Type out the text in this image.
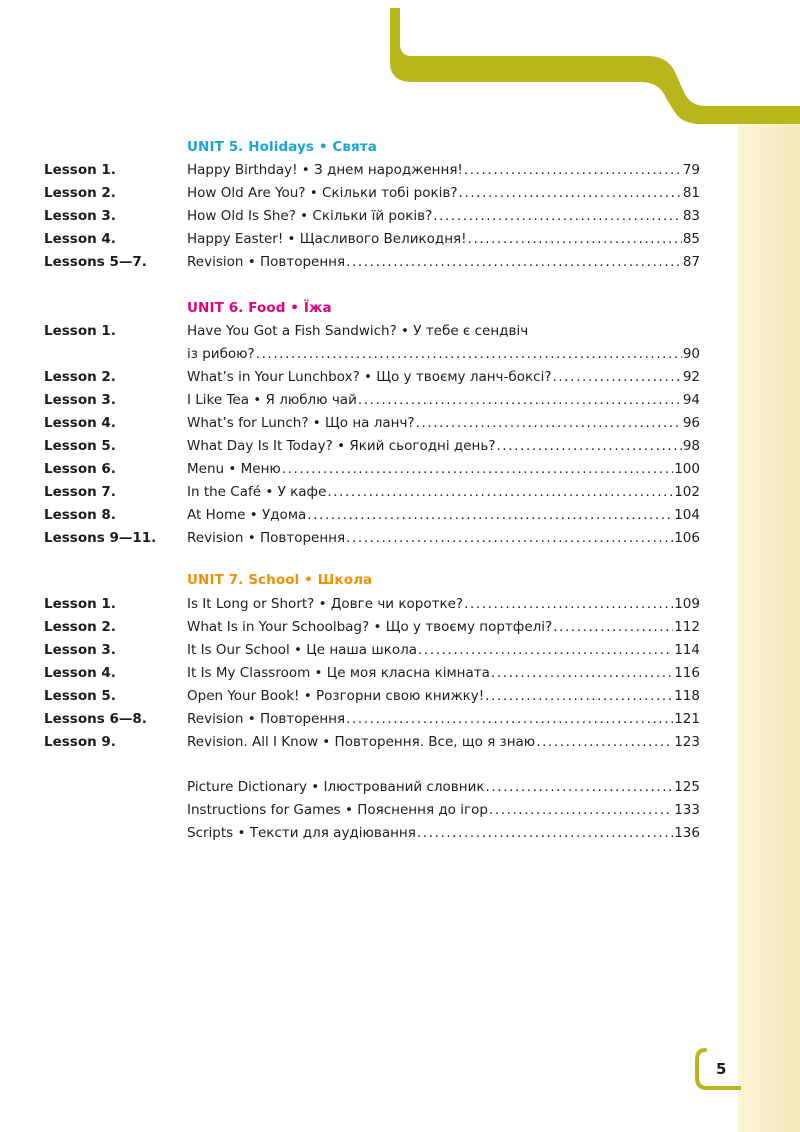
UNIT 5. Holidays • Свята
Lesson 1.	Happy Birthday! • З днем народження! .....	79
Lesson 2.	How Old Are You? • Скільки тобі років? .....	81
Lesson 3.	How Old Is She? • Скільки їй років? .....	83
Lesson 4.	Happy Easter! • Щасливого Великодня! .....	85
Lessons 5—7.	Revision • Повторення .....	87
UNIT 6. Food • Їжа
Lesson 1.	Have You Got a Fish Sandwich? • У тебе є сендвіч
із рибою? .....	90
Lesson 2.	What’s in Your Lunchbox? • Що у твоєму ланч-боксі? .....	92
Lesson 3.	I Like Tea • Я люблю чай .....	94
Lesson 4.	What’s for Lunch? • Що на ланч? .....	96
Lesson 5.	What Day Is It Today? • Який сьогодні день? .....	98
Lesson 6.	Menu • Меню .....	100
Lesson 7.	In the Café • У кафе .....	102
Lesson 8.	At Home • Удома .....	104
Lessons 9—11.	Revision • Повторення .....	106
UNIT 7. School • Школа
Lesson 1.	Is It Long or Short? • Довге чи коротке? .....	109
Lesson 2.	What Is in Your Schoolbag? • Що у твоєму портфелі? .....	112
Lesson 3.	It Is Our School • Це наша школа .....	114
Lesson 4.	It Is My Classroom • Це моя класна кімната .....	116
Lesson 5.	Open Your Book! • Розгорни свою книжку! .....	118
Lessons 6—8.	Revision • Повторення .....	121
Lesson 9.	Revision. All I Know • Повторення. Все, що я знаю .....	123
Picture Dictionary • Ілюстрований словник .....	125
Instructions for Games • Пояснення до ігор .....	133
Scripts • Тексти для аудіювання .....	136
5
